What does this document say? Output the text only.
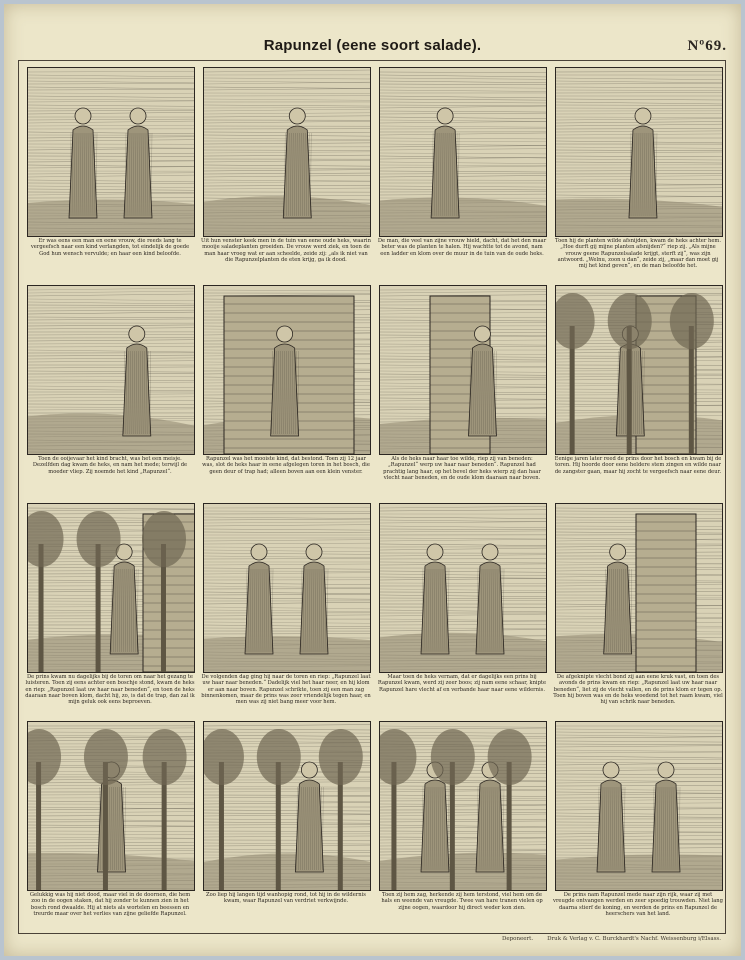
Rapunzel (eene soort salade).	Nº69.
Er was eens een man en eene vrouw, die reeds lang te vergeefsch naar een kind verlangden, tot eindelijk de goede God hun wensch vervulde; en haar een kind beloofde.
Uit hun venster keek men in de tuin van eene oude heks, waarin mooije saladeplanten groeiden. De vrouw werd ziek, en toen de man haar vroeg wat er aan scheelde, zeide zij: „als ik niet van die Rapunzelplanten de eten krijg, ga ik dood.
De man, die veel van zijne vrouw hield, dacht, dat het den maar beter was de planten te halen. Hij wachtte tot de avond, nam een ladder en klom over de muur in de tuin van de oude heks.
Toen hij de planten wilde afsnijden, kwam de heks achter hem. „Hoe durft gij mijne planten afsnijden?“ riep zij. „Als mijne vrouw geene Rapunzelsalade krijgt, sterft zij“, was zijn antwoord. „Welnu, zoon u dan“, zeide zij, „maar dan moet gij mij het kind geven“, en de man beloofde het.
Toen de ooijevaar het kind bracht, was het een meisje. Dezelfden dag kwam de heks, en nam het mede; terwijl de moeder vliep. Zij noemde het kind „Rapunzel“.
Rapunzel was het mooiste kind, dat bestond. Toen zij 12 jaar was, slot de heks haar in eene afgelegen toren in het bosch, die geen deur of trap had; alleen boven aan een klein venster.
Als de heks naar haar toe wilde, riep zij van beneden: „Rapunzel“ werp uw haar naar beneden“. Rapunzel had prachtig lang haar, op het bevel der heks wierp zij dan haar vlecht naar beneden, en de oude klom daaraan naar boven.
Eenige jaren later reed de prins door het bosch en kwam bij de toren. Hij hoorde door eene heldere stem zingen en wilde naar de zangster gaan, maar hij zocht te vergeefsch naar eene deur.
De prins kwam nu dagelijks bij de toren om naar het gezang te luisteren. Toen zij eens achter een boschje stond, kwam de heks en riep: „Rapunzel laat uw haar naar beneden“, en toen de heks daaraan naar boven klom, dacht hij, zo, is dat de trap, dan zal ik mijn geluk ook eens beproeven.
De volgenden dag ging hij naar de toren en riep: „Rapunzel laat uw haar naar beneden.“ Dadelijk viel het haar neer, en hij klom er aan naar boven. Rapunzel schrikte, toen zij een man zag binnenkomen, maar de prins was zeer vriendelijk tegen haar, en men was zij niet bang meer voor hem.
Maar toen de heks vernam, dat er dagelijks een prins bij Rapunzel kwam, werd zij zeer boos; zij nam eene schaar, knipte Rapunzel hare vlecht af en verbande haar naar eene wildernis.
De afgeknipte vlecht bond zij aan eene kruk vast, en toen des avonds de prins kwam en riep: „Rapunzel laat uw haar naar beneden“, liet zij de vlecht vallen, en de prins klom er tegen op. Toen hij boven was en de heks woedend tot het raam kwam, viel hij van schrik naar beneden.
Gelukkig was hij niet dood, maar viel in de doornen, die hem zoo in de oogen staken, dat hij zonder te kunnen zien in het bosch rond dwaalde. Hij at niets als wortelen en beessen en treurde maar over het verlies van zijne geliefde Rapunzel.
Zoo liep hij langen tijd wanhopig rond, tot hij in de wildernis kwam, waar Rapunzel van verdriet verkwijnde.
Toen zij hem zag, herkende zij hem terstond, viel hem om de hals en weende van vreugde. Twee van hare tranen vielen op zijne oogen, waardoor hij direct weder kon zien.
De prins nam Rapunzel mede naar zijn rijk, waar zij met vreugde ontvangen werden en zeer spoedig trouwden. Niet lang daarna stierf de koning, en werden de prins en Rapunzel de heerschers van het land.
Deponeert.	Druk & Verlag v. C. Burckhardt's Nachf. Weissenburg i/Elsass.
